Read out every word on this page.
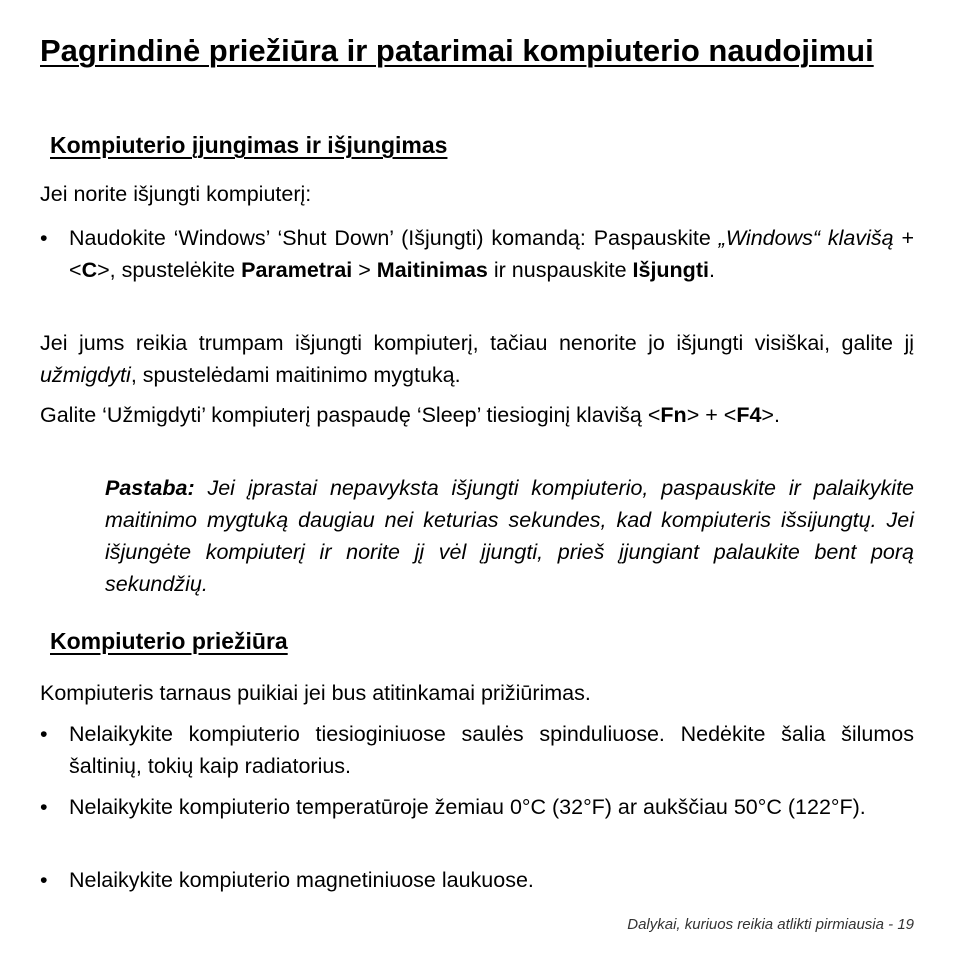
Pagrindinė priežiūra ir patarimai kompiuterio naudojimui
Kompiuterio įjungimas ir išjungimas

Jei norite išjungti kompiuterį:

• Naudokite ‘Windows’ ‘Shut Down’ (Išjungti) komandą: Paspauskite „Windows“ klavišą + <C>, spustelėkite Parametrai > Maitinimas ir nuspauskite Išjungti.

Jei jums reikia trumpam išjungti kompiuterį, tačiau nenorite jo išjungti visiškai, galite jį užmigdyti, spustelėdami maitinimo mygtuką.

Galite ‘Užmigdyti’ kompiuterį paspaudę ‘Sleep’ tiesioginį klavišą <Fn> + <F4>.

Pastaba: Jei įprastai nepavyksta išjungti kompiuterio, paspauskite ir palaikykite maitinimo mygtuką daugiau nei keturias sekundes, kad kompiuteris išsijungtų. Jei išjungėte kompiuterį ir norite jį vėl įjungti, prieš įjungiant palaukite bent porą sekundžių.
Kompiuterio priežiūra

Kompiuteris tarnaus puikiai jei bus atitinkamai prižiūrimas.

• Nelaikykite kompiuterio tiesioginiuose saulės spinduliuose. Nedėkite šalia šilumos šaltinių, tokių kaip radiatorius.
• Nelaikykite kompiuterio temperatūroje žemiau 0°C (32°F) ar aukščiau 50°C (122°F).
• Nelaikykite kompiuterio magnetiniuose laukuose.
Dalykai, kuriuos reikia atlikti pirmiausia - 19
